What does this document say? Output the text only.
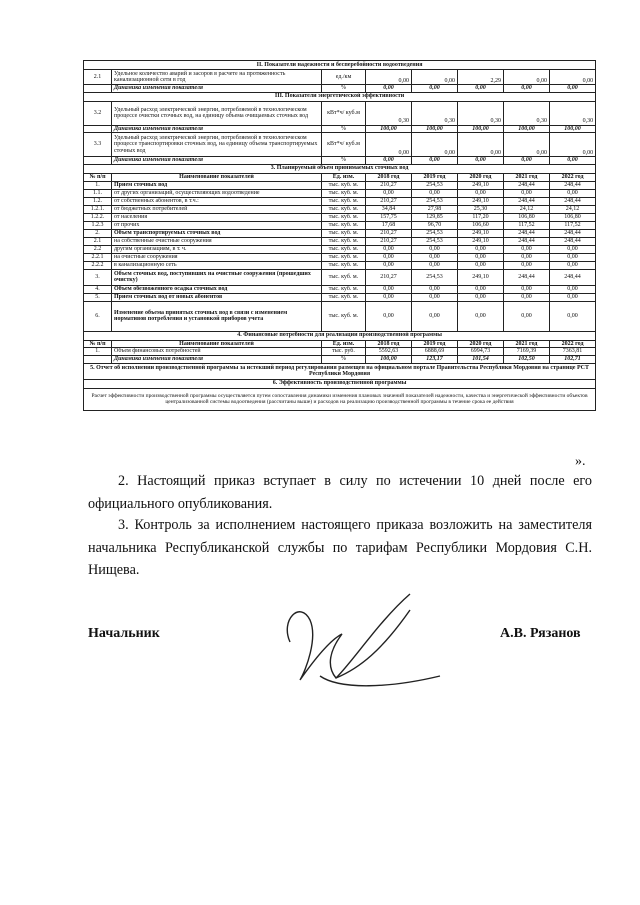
II. Показатели надежности и бесперебойности водоотведения							
2.1	Удельное количество аварий и засоров в расчете на протяженность канализационной сети в год	ед./км	0,00	0,00	2,29	0,00	0,00
	Динамика изменения показателя	%	0,00	0,00	0,00	0,00	0,00
III. Показатели энергетической эффективности							
3.2	Удельный расход электрической энергии, потребляемой в технологическом процессе очистки сточных вод, на единицу объема очищаемых сточных вод	кВт*ч/ куб.м	0,30	0,30	0,30	0,30	0,30
	Динамика изменения показателя	%	100,00	100,00	100,00	100,00	100,00
3.3	Удельный расход электрической энергии, потребляемой в технологическом процессе транспортировки сточных вод, на единицу объема транспортируемых сточных вод	кВт*ч/ куб.м	0,00	0,00	0,00	0,00	0,00
	Динамика изменения показателя	%	0,00	0,00	0,00	0,00	0,00
3. Планируемый объем принимаемых сточных вод							
№ п/п	Наименование показателей	Ед. изм.	2018 год	2019 год	2020 год	2021 год	2022 год
1.	Прием сточных вод	тыс. куб. м.	210,27	254,53	249,10	248,44	248,44
1.1.	от других организаций, осуществляющих водоотведение	тыс. куб. м.	0,00	0,00	0,00	0,00	0,00
1.2.	от собственных абонентов, в т.ч.:	тыс. куб. м.	210,27	254,53	249,10	248,44	248,44
1.2.1.	от бюджетных потребителей	тыс. куб. м.	34,84	27,98	25,30	24,12	24,12
1.2.2.	от населения	тыс. куб. м.	157,75	129,85	117,20	106,80	106,80
1.2.3	от прочих	тыс. куб. м.	17,68	96,70	106,60	117,52	117,52
2.	Объем транспортируемых сточных вод	тыс. куб. м.	210,27	254,53	249,10	248,44	248,44
2.1	на собственные очистные сооружения	тыс. куб. м.	210,27	254,53	249,10	248,44	248,44
2.2	другим организациям, в т. ч.	тыс. куб. м.	0,00	0,00	0,00	0,00	0,00
2.2.1	на очистные сооружения	тыс. куб. м.	0,00	0,00	0,00	0,00	0,00
2.2.2	в канализационную сеть	тыс. куб. м.	0,00	0,00	0,00	0,00	0,00
3.	Объем сточных вод, поступивших на очистные сооружения (прошедших очистку)	тыс. куб. м.	210,27	254,53	249,10	248,44	248,44
4.	Объем обезвоженного осадка сточных вод	тыс. куб. м.	0,00	0,00	0,00	0,00	0,00
5.	Прием сточных вод от новых абонентов	тыс. куб. м.	0,00	0,00	0,00	0,00	0,00
6.	Изменение объема принятых сточных вод в связи с изменением нормативов потребления и установкой приборов учета	тыс. куб. м.	0,00	0,00	0,00	0,00	0,00
4. Финансовые потребности для реализации производственной программы							
№ п/п	Наименование показателей	Ед. изм.	2018 год	2019 год	2020 год	2021 год	2022 год
1.	Объем финансовых потребностей	тыс. руб.	5592,63	6888,69	6994,73	7169,39	7363,81
	Динамика изменения показателя	%	100,00	123,17	101,54	102,50	102,71
5. Отчет об исполнении производственной программы за истекший период регулирования размещен на официальном портале Правительства Республики Мордовия на странице РСТ Республики Мордовия							
6. Эффективность производственной программы							
Расчет эффективности производственной программы осуществляется путем сопоставления динамики изменения плановых значений показателей надежности, качества и энергетической эффективности объектов централизованной системы водоотведения (рассчитаны выше) и расходов на реализацию производственной программы в течение срока ее действия							
».
2. Настоящий приказ вступает в силу по истечении 10 дней после его официального опубликования.
3. Контроль за исполнением настоящего приказа возложить на заместителя начальника Республиканской службы по тарифам Республики Мордовия С.Н. Нищева.
Начальник	А.В. Рязанов
